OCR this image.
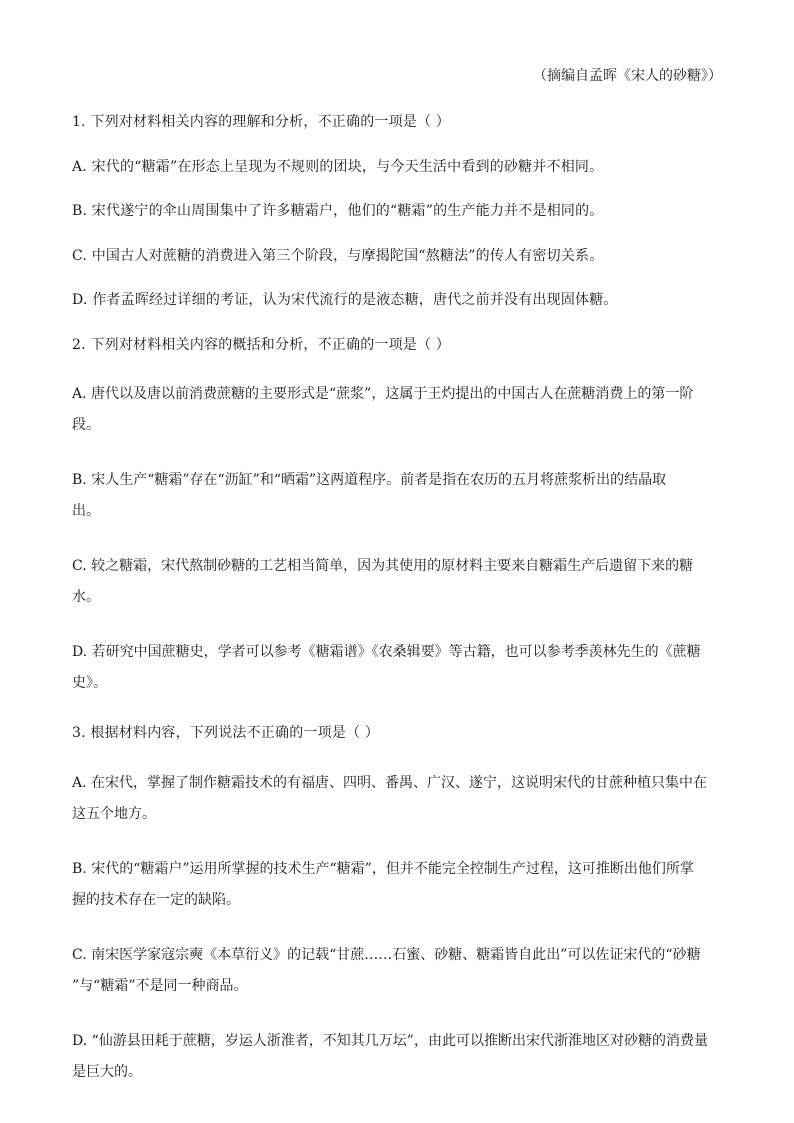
（摘编自孟晖《宋人的砂糖》）
1. 下列对材料相关内容的理解和分析，不正确的一项是（ ）
A. 宋代的“糖霜”在形态上呈现为不规则的团块，与今天生活中看到的砂糖并不相同。
B. 宋代遂宁的伞山周围集中了许多糖霜户，他们的“糖霜”的生产能力并不是相同的。
C. 中国古人对蔗糖的消费进入第三个阶段，与摩揭陀国“熬糖法”的传人有密切关系。
D. 作者孟晖经过详细的考证，认为宋代流行的是液态糖，唐代之前并没有出现固体糖。
2. 下列对材料相关内容的概括和分析，不正确的一项是（ ）
A. 唐代以及唐以前消费蔗糖的主要形式是“蔗浆”，这属于王灼提出的中国古人在蔗糖消费上的第一阶
段。
B. 宋人生产“糖霜”存在“沥缸”和“晒霜”这两道程序。前者是指在农历的五月将蔗浆析出的结晶取
出。
C. 较之糖霜，宋代熬制砂糖的工艺相当简单，因为其使用的原材料主要来自糖霜生产后遗留下来的糖
水。
D. 若研究中国蔗糖史，学者可以参考《糖霜谱》《农桑辑要》等古籍，也可以参考季羡林先生的《蔗糖
史》。
3. 根据材料内容，下列说法不正确的一项是（ ）
A. 在宋代，掌握了制作糖霜技术的有福唐、四明、番禺、广汉、遂宁，这说明宋代的甘蔗种植只集中在
这五个地方。
B. 宋代的“糖霜户”运用所掌握的技术生产“糖霜”，但并不能完全控制生产过程，这可推断出他们所掌
握的技术存在一定的缺陷。
C. 南宋医学家寇宗奭《本草衍义》的记载“甘蔗……石蜜、砂糖、糖霜皆自此出”可以佐证宋代的“砂糖
”与“糖霜”不是同一种商品。
D. “仙游县田耗于蔗糖，岁运人浙淮者，不知其几万坛”，由此可以推断出宋代浙淮地区对砂糖的消费量
是巨大的。
